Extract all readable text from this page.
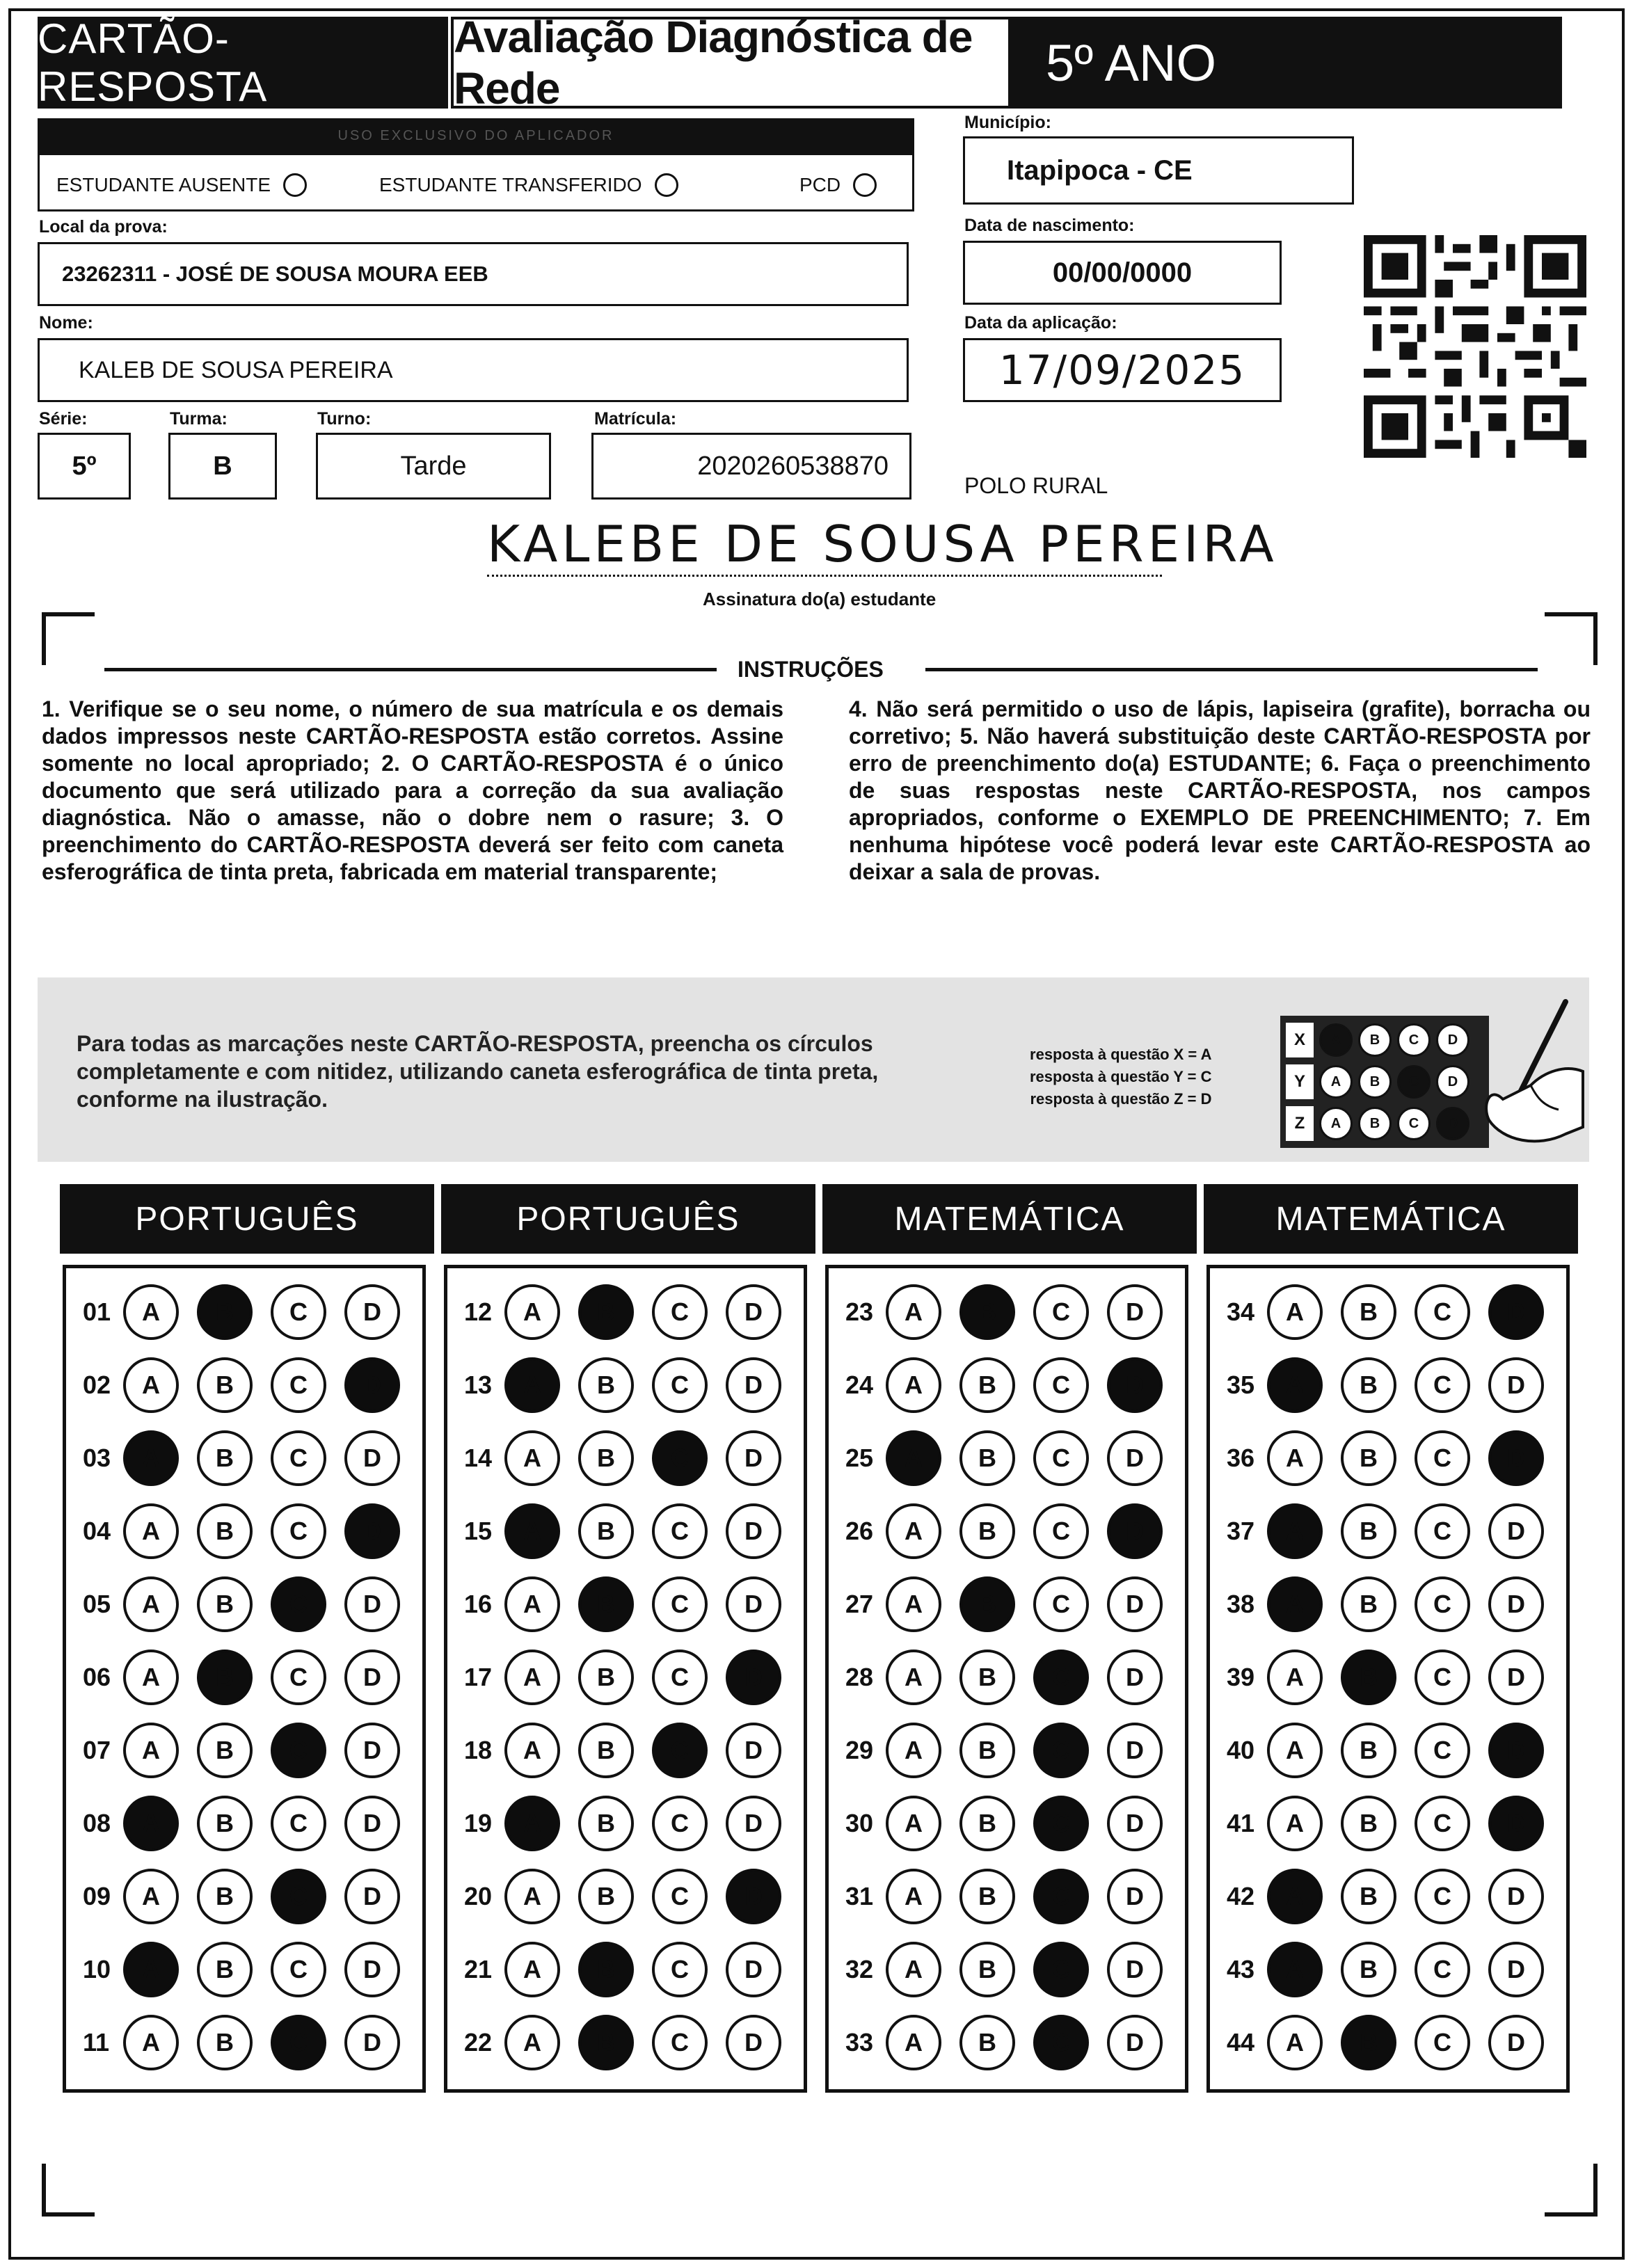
CARTÃO-RESPOSTA
Avaliação Diagnóstica de Rede	5º ANO
USO EXCLUSIVO DO APLICADOR
ESTUDANTE AUSENTE	ESTUDANTE TRANSFERIDO	PCD
Local da prova:
23262311 - JOSÉ DE SOUSA MOURA EEB
Nome:
KALEB DE SOUSA PEREIRA
Série:
5º
Turma:
B
Turno:
Tarde
Matrícula:
2020260538870
Município:
Itapipoca - CE
Data de nascimento:
00/00/0000
Data da aplicação:
17/09/2025
POLO RURAL
KALEBE DE SOUSA PEREIRA
Assinatura do(a) estudante
INSTRUÇÕES
1. Verifique se o seu nome, o número de sua matrícula e os demais dados impressos neste CARTÃO-RESPOSTA estão corretos. Assine somente no local apropriado; 2. O CARTÃO-RESPOSTA é o único documento que será utilizado para a correção da sua avaliação diagnóstica. Não o amasse, não o dobre nem o rasure; 3. O preenchimento do CARTÃO-RESPOSTA deverá ser feito com caneta esferográfica de tinta preta, fabricada em material transparente;
4. Não será permitido o uso de lápis, lapiseira (grafite), borracha ou corretivo; 5. Não haverá substituição deste CARTÃO-RESPOSTA por erro de preenchimento do(a) ESTUDANTE; 6. Faça o preenchimento de suas respostas neste CARTÃO-RESPOSTA, nos campos apropriados, conforme o EXEMPLO DE PREENCHIMENTO; 7. Em nenhuma hipótese você poderá levar este CARTÃO-RESPOSTA ao deixar a sala de provas.
Para todas as marcações neste CARTÃO-RESPOSTA, preencha os círculos completamente e com nitidez, utilizando caneta esferográfica de tinta preta, conforme na ilustração.
resposta à questão X = A
resposta à questão Y = C
resposta à questão Z = D
X	A	B	C	D
Y	A	B	C	D
Z	A	B	C	D
PORTUGUÊS
01	A	B	C	D
02	A	B	C	D
03	A	B	C	D
04	A	B	C	D
05	A	B	C	D
06	A	B	C	D
07	A	B	C	D
08	A	B	C	D
09	A	B	C	D
10	A	B	C	D
11	A	B	C	D
PORTUGUÊS
12	A	B	C	D
13	A	B	C	D
14	A	B	C	D
15	A	B	C	D
16	A	B	C	D
17	A	B	C	D
18	A	B	C	D
19	A	B	C	D
20	A	B	C	D
21	A	B	C	D
22	A	B	C	D
MATEMÁTICA
23	A	B	C	D
24	A	B	C	D
25	A	B	C	D
26	A	B	C	D
27	A	B	C	D
28	A	B	C	D
29	A	B	C	D
30	A	B	C	D
31	A	B	C	D
32	A	B	C	D
33	A	B	C	D
MATEMÁTICA
34	A	B	C	D
35	A	B	C	D
36	A	B	C	D
37	A	B	C	D
38	A	B	C	D
39	A	B	C	D
40	A	B	C	D
41	A	B	C	D
42	A	B	C	D
43	A	B	C	D
44	A	B	C	D
